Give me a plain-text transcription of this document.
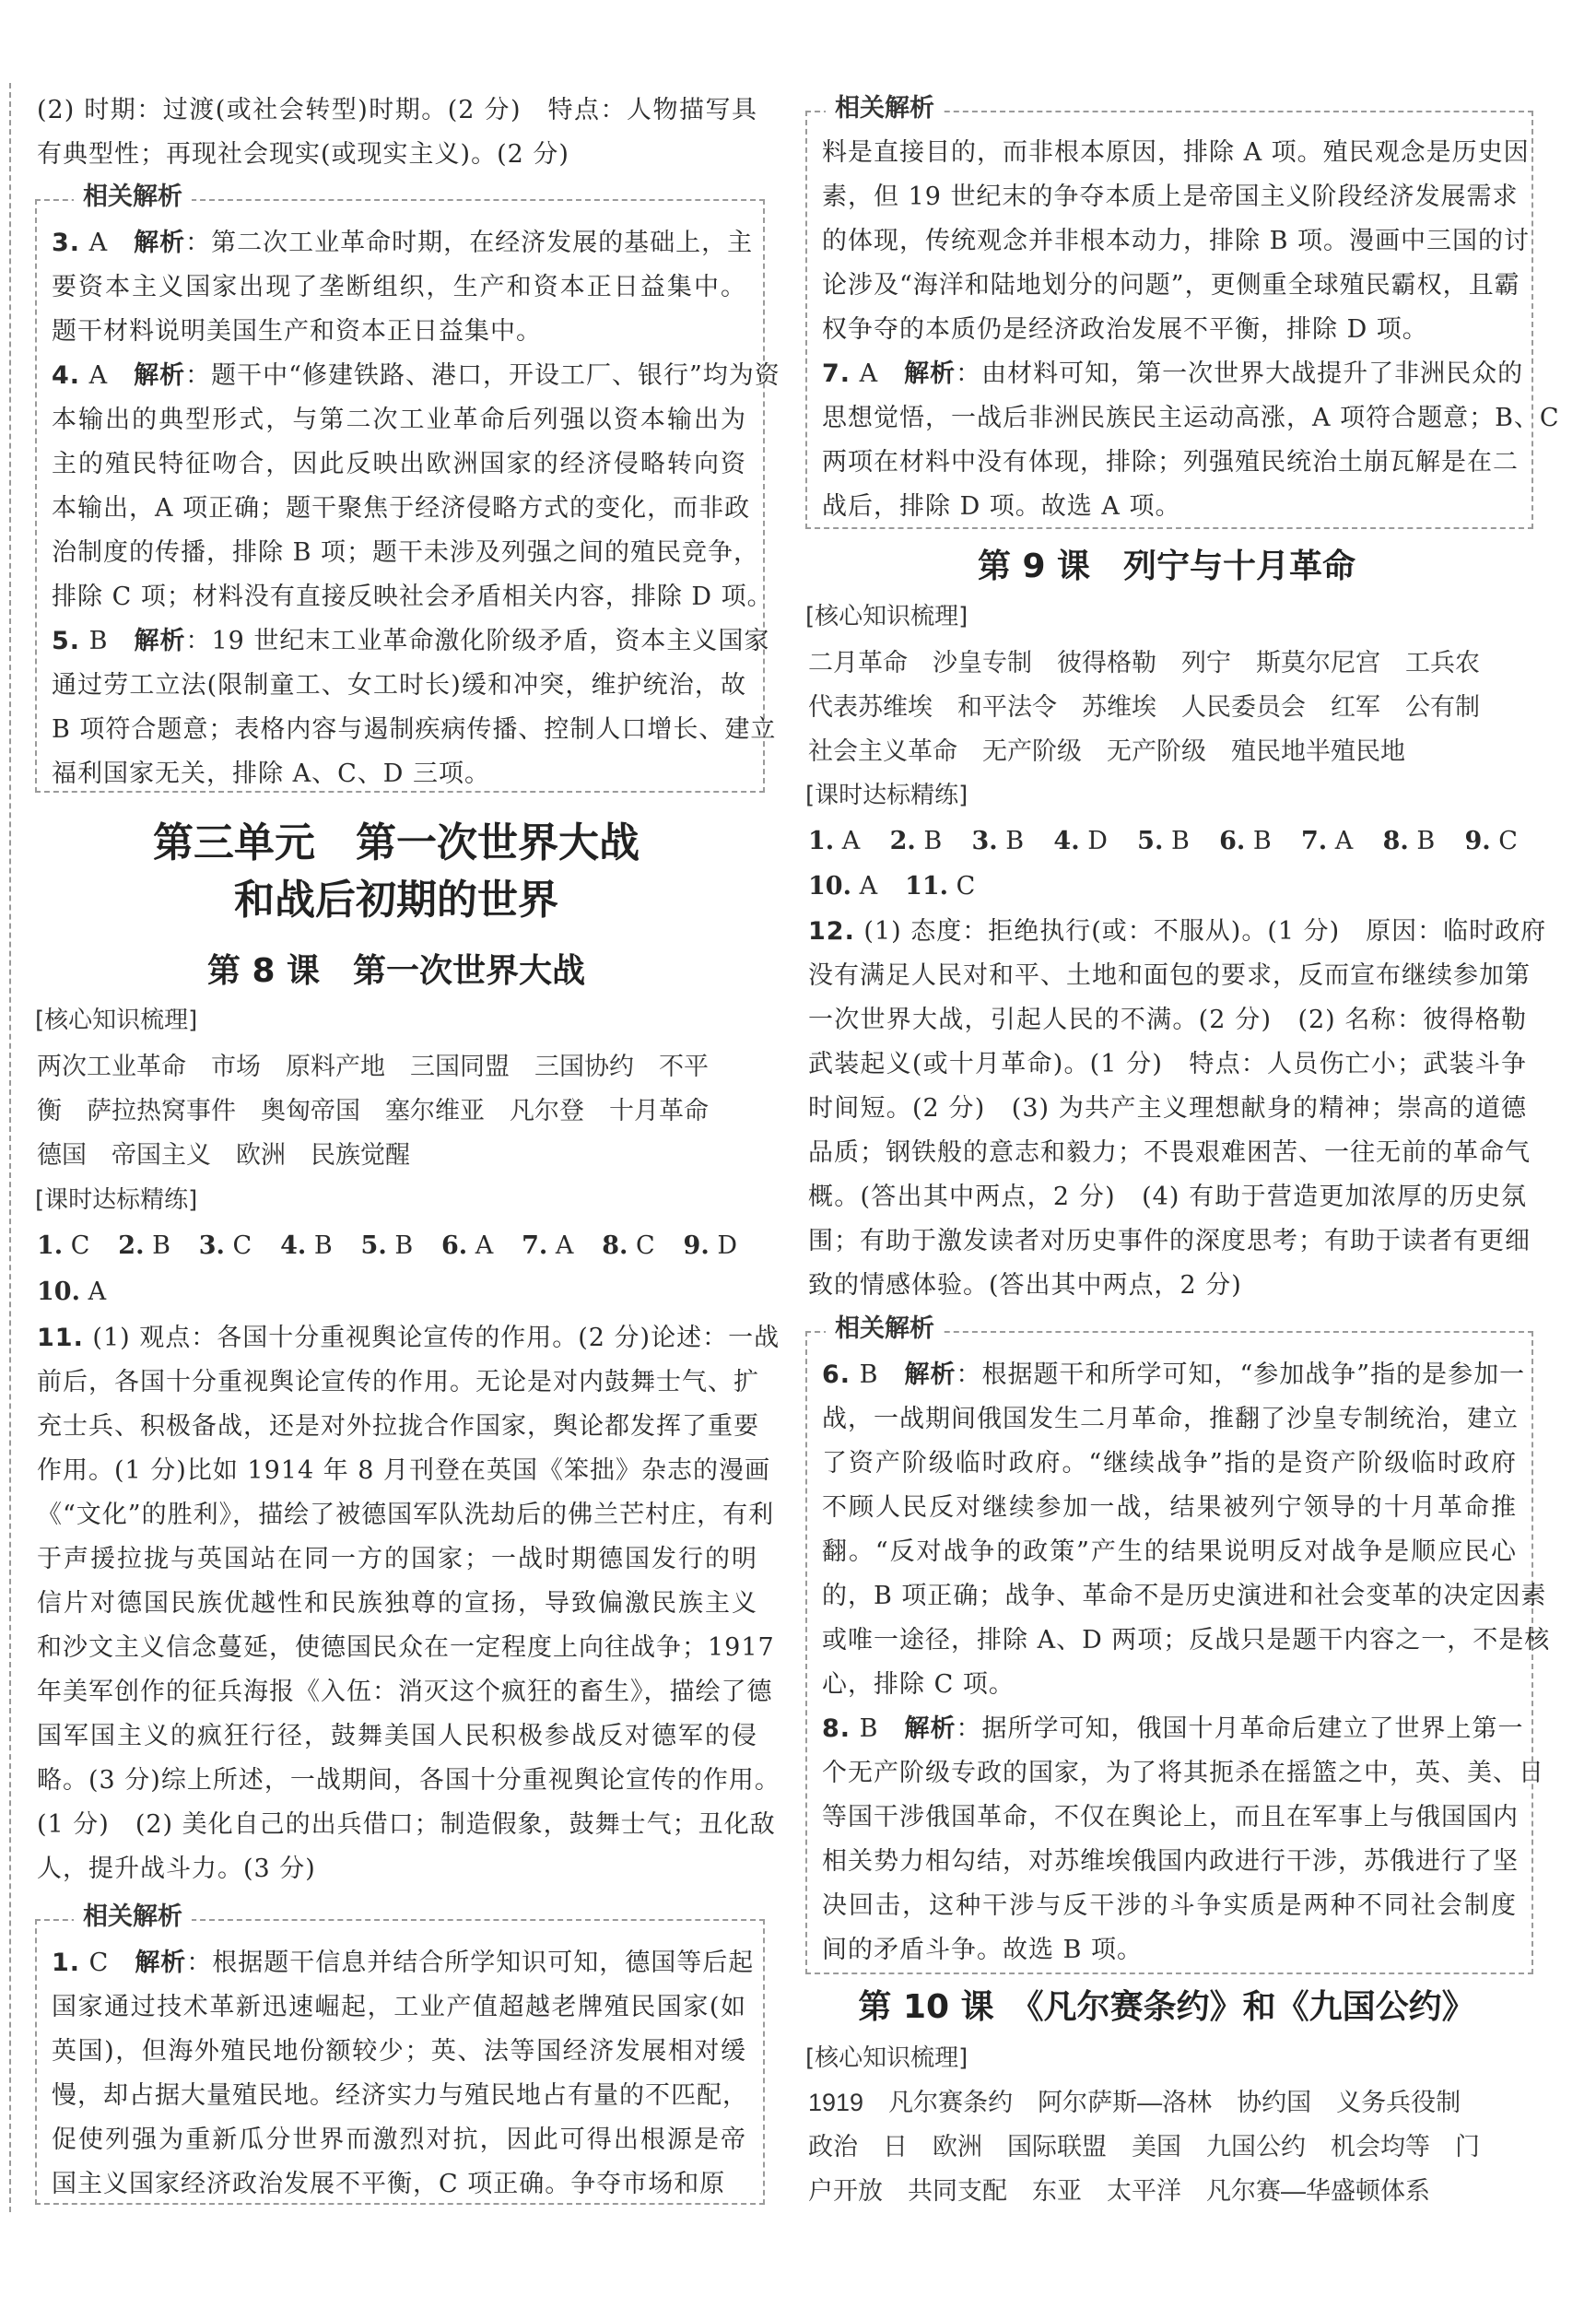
(2) 时期：过渡(或社会转型)时期。(2 分)　特点：人物描写具
有典型性；再现社会现实(或现实主义)。(2 分)
相关解析
3. A　 解析：第二次工业革命时期，在经济发展的基础上，主
要资本主义国家出现了垄断组织，生产和资本正日益集中。
题干材料说明美国生产和资本正日益集中。
4. A　 解析：题干中“修建铁路、港口，开设工厂、银行”均为资
本输出的典型形式，与第二次工业革命后列强以资本输出为
主的殖民特征吻合，因此反映出欧洲国家的经济侵略转向资
本输出，A 项正确；题干聚焦于经济侵略方式的变化，而非政
治制度的传播，排除 B 项；题干未涉及列强之间的殖民竞争，
排除 C 项；材料没有直接反映社会矛盾相关内容，排除 D 项。
5. B　 解析：19 世纪末工业革命激化阶级矛盾，资本主义国家
通过劳工立法(限制童工、女工时长)缓和冲突，维护统治，故
B 项符合题意；表格内容与遏制疾病传播、控制人口增长、建立
福利国家无关，排除 A、C、D 三项。
第三单元　第一次世界大战
和战后初期的世界
第 8 课　第一次世界大战
[核心知识梳理]
两次工业革命　市场　原料产地　三国同盟　三国协约　不平
衡　萨拉热窝事件　奥匈帝国　塞尔维亚　凡尔登　十月革命
德国　帝国主义　欧洲　民族觉醒
[课时达标精练]
1. C 2. B 3. C 4. B 5. B 6. A 7. A 8. C 9. D
10. A
11. (1) 观点：各国十分重视舆论宣传的作用。(2 分)论述：一战
前后，各国十分重视舆论宣传的作用。无论是对内鼓舞士气、扩
充士兵、积极备战，还是对外拉拢合作国家，舆论都发挥了重要
作用。(1 分)比如 1914 年 8 月刊登在英国《笨拙》杂志的漫画
《“文化”的胜利》，描绘了被德国军队洗劫后的佛兰芒村庄，有利
于声援拉拢与英国站在同一方的国家；一战时期德国发行的明
信片对德国民族优越性和民族独尊的宣扬，导致偏激民族主义
和沙文主义信念蔓延，使德国民众在一定程度上向往战争；1917
年美军创作的征兵海报《入伍：消灭这个疯狂的畜生》，描绘了德
国军国主义的疯狂行径，鼓舞美国人民积极参战反对德军的侵
略。(3 分)综上所述，一战期间，各国十分重视舆论宣传的作用。
(1 分)　(2) 美化自己的出兵借口；制造假象，鼓舞士气；丑化敌
人，提升战斗力。(3 分)
相关解析
1. C　 解析：根据题干信息并结合所学知识可知，德国等后起
国家通过技术革新迅速崛起，工业产值超越老牌殖民国家(如
英国)，但海外殖民地份额较少；英、法等国经济发展相对缓
慢，却占据大量殖民地。经济实力与殖民地占有量的不匹配，
促使列强为重新瓜分世界而激烈对抗，因此可得出根源是帝
国主义国家经济政治发展不平衡，C 项正确。争夺市场和原
相关解析
料是直接目的，而非根本原因，排除 A 项。殖民观念是历史因
素，但 19 世纪末的争夺本质上是帝国主义阶段经济发展需求
的体现，传统观念并非根本动力，排除 B 项。漫画中三国的讨
论涉及“海洋和陆地划分的问题”，更侧重全球殖民霸权，且霸
权争夺的本质仍是经济政治发展不平衡，排除 D 项。
7. A　 解析：由材料可知，第一次世界大战提升了非洲民众的
思想觉悟，一战后非洲民族民主运动高涨，A 项符合题意；B、C
两项在材料中没有体现，排除；列强殖民统治土崩瓦解是在二
战后，排除 D 项。故选 A 项。
第 9 课　列宁与十月革命
[核心知识梳理]
二月革命　沙皇专制　彼得格勒　列宁　斯莫尔尼宫　工兵农
代表苏维埃　和平法令　苏维埃　人民委员会　红军　公有制
社会主义革命　无产阶级　无产阶级　殖民地半殖民地
[课时达标精练]
1. A 2. B 3. B 4. D 5. B 6. B 7. A 8. B 9. C
10. A 11. C
12. (1) 态度：拒绝执行(或：不服从)。(1 分)　原因：临时政府
没有满足人民对和平、土地和面包的要求，反而宣布继续参加第
一次世界大战，引起人民的不满。(2 分)　(2) 名称：彼得格勒
武装起义(或十月革命)。(1 分)　特点：人员伤亡小；武装斗争
时间短。(2 分)　(3) 为共产主义理想献身的精神；崇高的道德
品质；钢铁般的意志和毅力；不畏艰难困苦、一往无前的革命气
概。(答出其中两点，2 分)　(4) 有助于营造更加浓厚的历史氛
围；有助于激发读者对历史事件的深度思考；有助于读者有更细
致的情感体验。(答出其中两点，2 分)
相关解析
6. B　 解析：根据题干和所学可知，“参加战争”指的是参加一
战，一战期间俄国发生二月革命，推翻了沙皇专制统治，建立
了资产阶级临时政府。“继续战争”指的是资产阶级临时政府
不顾人民反对继续参加一战，结果被列宁领导的十月革命推
翻。“反对战争的政策”产生的结果说明反对战争是顺应民心
的，B 项正确；战争、革命不是历史演进和社会变革的决定因素
或唯一途径，排除 A、D 两项；反战只是题干内容之一，不是核
心，排除 C 项。
8. B　 解析：据所学可知，俄国十月革命后建立了世界上第一
个无产阶级专政的国家，为了将其扼杀在摇篮之中，英、美、日
等国干涉俄国革命，不仅在舆论上，而且在军事上与俄国国内
相关势力相勾结，对苏维埃俄国内政进行干涉，苏俄进行了坚
决回击，这种干涉与反干涉的斗争实质是两种不同社会制度
间的矛盾斗争。故选 B 项。
第 10 课　《凡尔赛条约》和《九国公约》
[核心知识梳理]
1919　凡尔赛条约　阿尔萨斯—洛林　协约国　义务兵役制
政治　日　欧洲　国际联盟　美国　九国公约　机会均等　门
户开放　共同支配　东亚　太平洋　凡尔赛—华盛顿体系
